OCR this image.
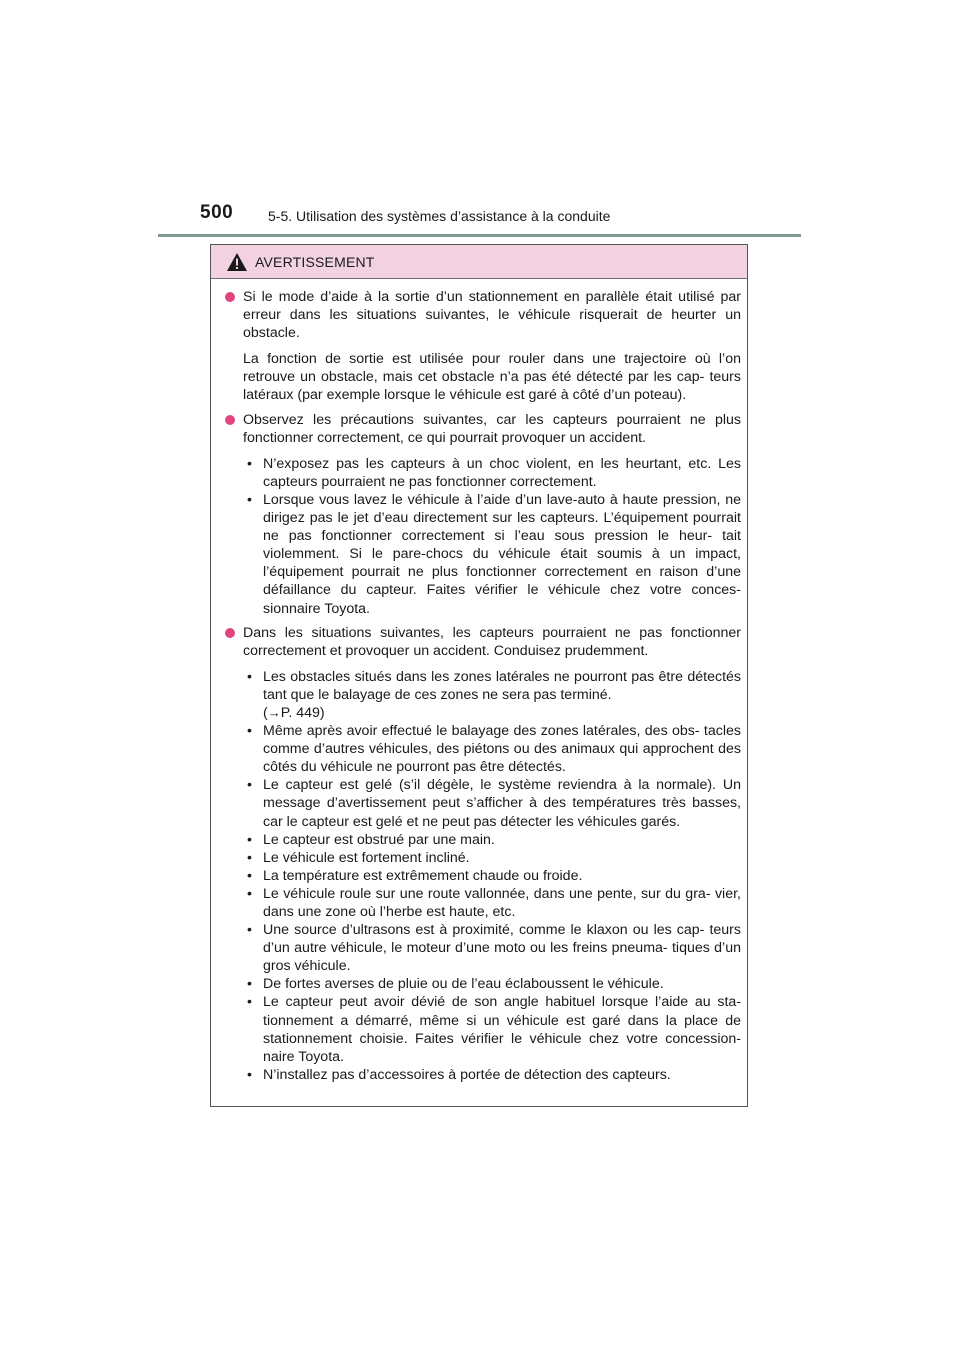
500 5-5. Utilisation des systèmes d’assistance à la conduite
AVERTISSEMENT

Si le mode d’aide à la sortie d’un stationnement en parallèle était utilisé par erreur dans les situations suivantes, le véhicule risquerait de heurter un obstacle.

La fonction de sortie est utilisée pour rouler dans une trajectoire où l’on retrouve un obstacle, mais cet obstacle n’a pas été détecté par les cap- teurs latéraux (par exemple lorsque le véhicule est garé à côté d’un poteau).

Observez les précautions suivantes, car les capteurs pourraient ne plus fonctionner correctement, ce qui pourrait provoquer un accident.

• N’exposez pas les capteurs à un choc violent, en les heurtant, etc. Les capteurs pourraient ne pas fonctionner correctement.
• Lorsque vous lavez le véhicule à l’aide d’un lave-auto à haute pression, ne dirigez pas le jet d’eau directement sur les capteurs. L’équipement pourrait ne pas fonctionner correctement si l’eau sous pression le heur- tait violemment. Si le pare-chocs du véhicule était soumis à un impact, l’équipement pourrait ne plus fonctionner correctement en raison d’une défaillance du capteur. Faites vérifier le véhicule chez votre conces- sionnaire Toyota.

Dans les situations suivantes, les capteurs pourraient ne pas fonctionner correctement et provoquer un accident. Conduisez prudemment.

• Les obstacles situés dans les zones latérales ne pourront pas être détectés tant que le balayage de ces zones ne sera pas terminé.
(→P. 449)
• Même après avoir effectué le balayage des zones latérales, des obs- tacles comme d’autres véhicules, des piétons ou des animaux qui approchent des côtés du véhicule ne pourront pas être détectés.
• Le capteur est gelé (s’il dégèle, le système reviendra à la normale). Un message d’avertissement peut s’afficher à des températures très basses, car le capteur est gelé et ne peut pas détecter les véhicules garés.
• Le capteur est obstrué par une main.
• Le véhicule est fortement incliné.
• La température est extrêmement chaude ou froide.
• Le véhicule roule sur une route vallonnée, dans une pente, sur du gra- vier, dans une zone où l’herbe est haute, etc.
• Une source d’ultrasons est à proximité, comme le klaxon ou les cap- teurs d’un autre véhicule, le moteur d’une moto ou les freins pneuma- tiques d’un gros véhicule.
• De fortes averses de pluie ou de l’eau éclaboussent le véhicule.
• Le capteur peut avoir dévié de son angle habituel lorsque l’aide au sta- tionnement a démarré, même si un véhicule est garé dans la place de stationnement choisie. Faites vérifier le véhicule chez votre concession- naire Toyota.
• N’installez pas d’accessoires à portée de détection des capteurs.
